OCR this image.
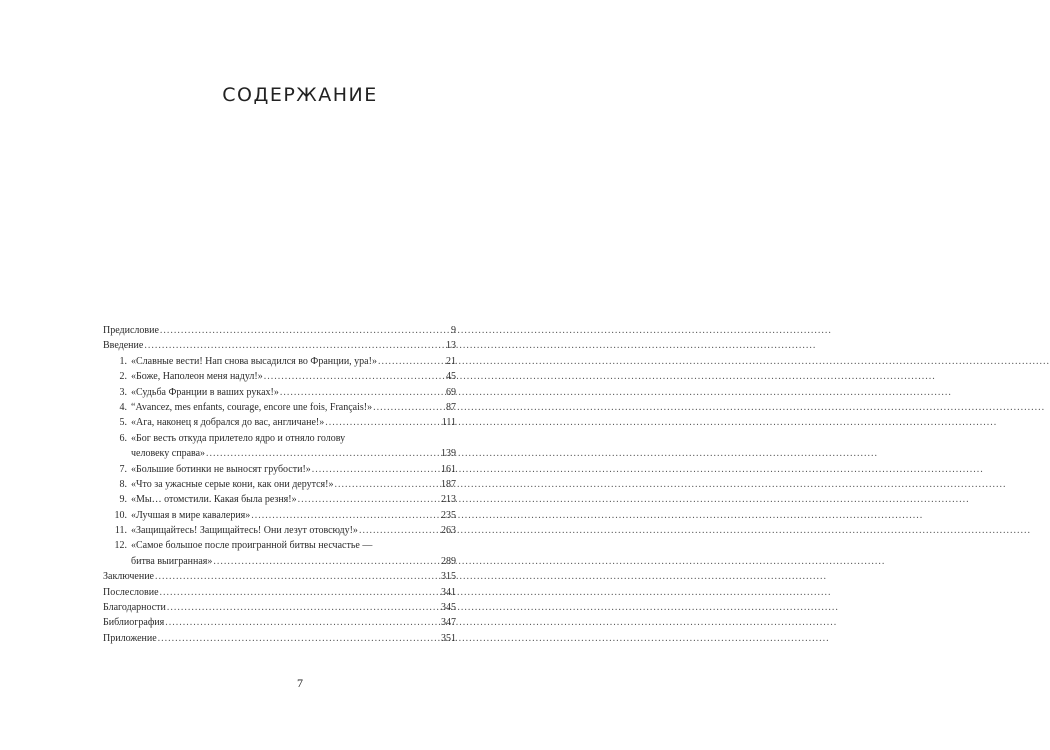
СОДЕРЖАНИЕ
Предисловие .....	9
Введение .....	13
1. «Славные вести! Нап снова высадился во Франции, ура!» .....	21
2. «Боже, Наполеон меня надул!» .....	45
3. «Судьба Франции в ваших руках!» .....	69
4. “Avancez, mes enfants, courage, encore une fois, Français!» .....	87
5. «Ага, наконец я добрался до вас, англичане!» .....	111
6. «Бог весть откуда прилетело ядро и отняло голову
человеку справа» .....	139
7. «Большие ботинки не выносят грубости!» .....	161
8. «Что за ужасные серые кони, как они дерутся!» .....	187
9. «Мы… отомстили. Какая была резня!» .....	213
10. «Лучшая в мире кавалерия» .....	235
11. «Защищайтесь! Защищайтесь! Они лезут отовсюду!» .....	263
12. «Самое большое после проигранной битвы несчастье —
битва выигранная» .....	289
Заключение .....	315
Послесловие .....	341
Благодарности .....	345
Библиография .....	347
Приложение .....	351
7
